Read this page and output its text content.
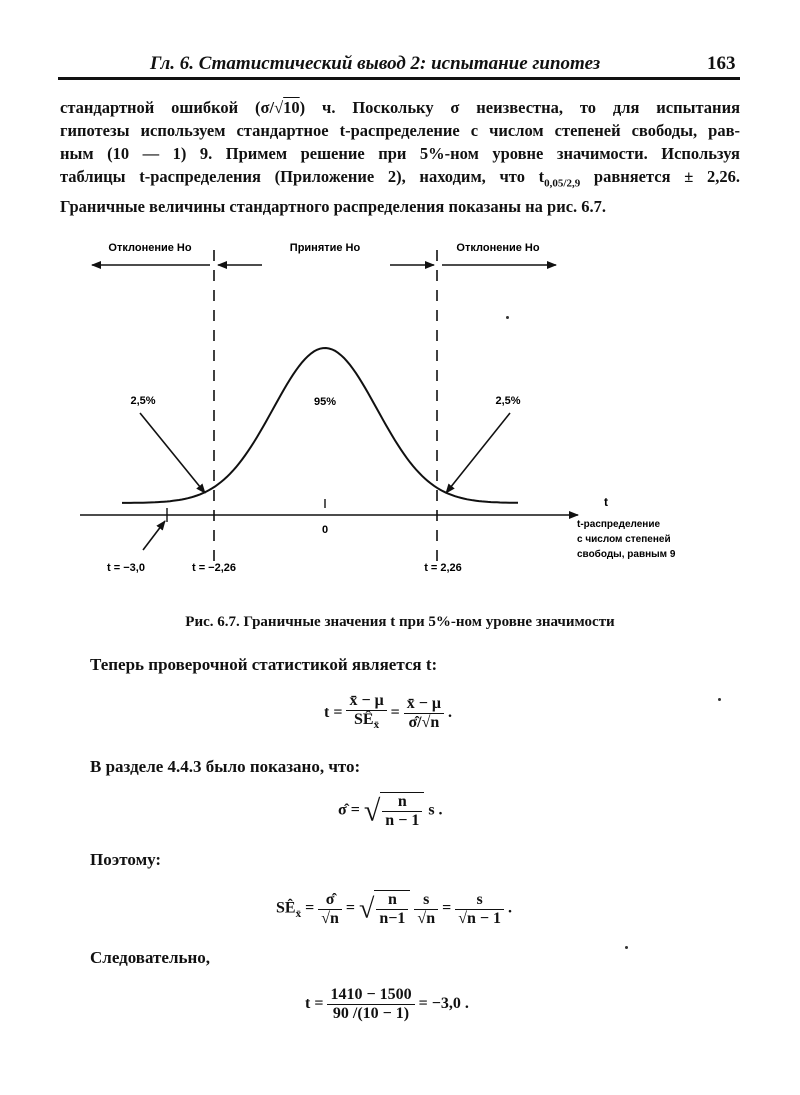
Гл. 6. Статистический вывод 2: испытание гипотез	163
стандартной ошибкой (σ/√10) ч. Поскольку σ неизвестна, то для испытания
гипотезы используем стандартное t-распределение с числом степеней свободы, рав-
ным (10 — 1) 9. Примем решение при 5%-ном уровне значимости. Используя
таблицы t-распределения (Приложение 2), находим, что $t_{0,05/2,9}$ равняется ± 2,26.
Граничные величины стандартного распределения показаны на рис. 6.7.
Отклонение Но	Принятие Но	Отклонение Но
t
0
2,5%	95%	2,5%
t = −3,0	t = −2,26	t = 2,26
t-распределение
с числом степеней
свободы, равным 9
Рис. 6.7. Граничные значения t при 5%-ном уровне значимости
Теперь проверочной статистикой является t:
$t = \frac{x̄ - \mu}{SÊ_{x̄}} = \frac{x̄ - \mu}{\sigmâ/√n}$ .
В разделе 4.4.3 было показано, что:
σ̂ = √ $\frac{n}{n - 1}$ s .
Поэтому:
$SÊ_{x̄} = \frac{\sigmâ}{√n}$ = √ $\frac{n}{n-1}$
$\frac{s}{√n} = \frac{s}{√n - 1}$ .
Следовательно,
$t = \frac{1410 - 1500}{90 /(10 - 1)} = -3,0$ .
